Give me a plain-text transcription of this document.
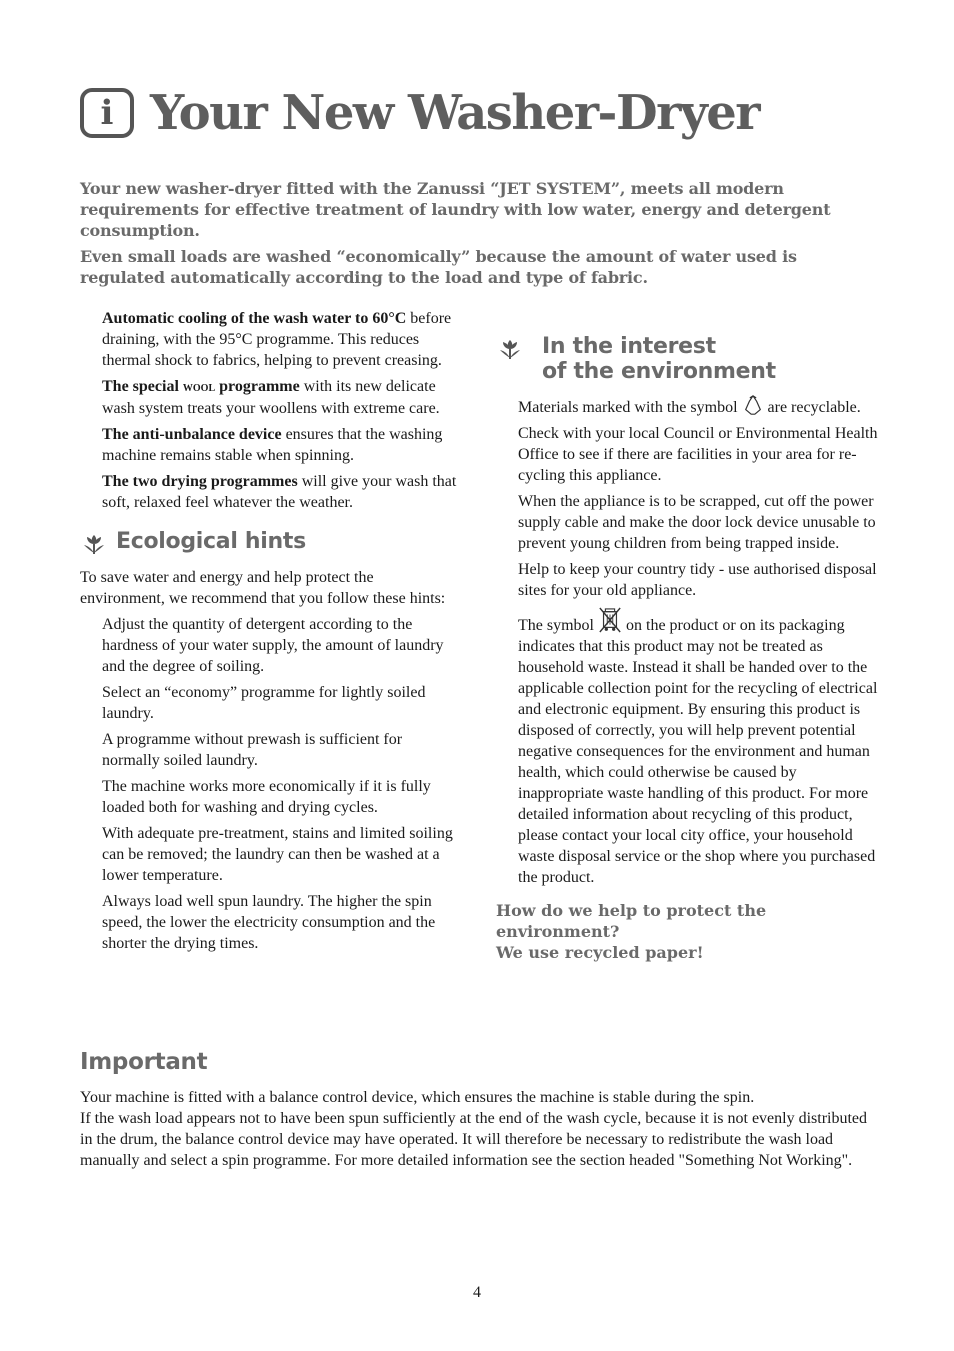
i Your New Washer-Dryer

Your new washer-dryer fitted with the Zanussi “JET SYSTEM”, meets all modern requirements for effective treatment of laundry with low water, energy and detergent consumption.

Even small loads are washed “economically” because the amount of water used is regulated automatically according to the load and type of fabric.

Automatic cooling of the wash water to 60°C before draining, with the 95°C programme. This reduces thermal shock to fabrics, helping to prevent creasing.

The special wool programme with its new delicate wash system treats your woollens with extreme care.

The anti-unbalance device ensures that the washing machine remains stable when spinning.

The two drying programmes will give your wash that soft, relaxed feel whatever the weather.

Ecological hints

To save water and energy and help protect the environment, we recommend that you follow these hints:

Adjust the quantity of detergent according to the hardness of your water supply, the amount of laundry and the degree of soiling.

Select an “economy” programme for lightly soiled laundry.

A programme without prewash is sufficient for normally soiled laundry.

The machine works more economically if it is fully loaded both for washing and drying cycles.

With adequate pre-treatment, stains and limited soiling can be removed; the laundry can then be washed at a lower temperature.

Always load well spun laundry. The higher the spin speed, the lower the electricity consumption and the shorter the drying times.

In the interest
of the environment

Materials marked with the symbol  are recyclable.

Check with your local Council or Environmental Health Office to see if there are facilities in your area for re-cycling this appliance.

When the appliance is to be scrapped, cut off the power supply cable and make the door lock device unusable to prevent young children from being trapped inside.

Help to keep your country tidy - use authorised disposal sites for your old appliance.

The symbol  on the product or on its packaging indicates that this product may not be treated as household waste. Instead it shall be handed over to the applicable collection point for the recycling of electrical and electronic equipment. By ensuring this product is disposed of correctly, you will help prevent potential negative consequences for the environment and human health, which could otherwise be caused by inappropriate waste handling of this product. For more detailed information about recycling of this product, please contact your local city office, your household waste disposal service or the shop where you purchased the product.

How do we help to protect the environment?
We use recycled paper!
Important

Your machine is fitted with a balance control device, which ensures the machine is stable during the spin.

If the wash load appears not to have been spun sufficiently at the end of the wash cycle, because it is not evenly distributed in the drum, the balance control device may have operated. It will therefore be necessary to redistribute the wash load manually and select a spin programme. For more detailed information see the section headed "Something Not Working".

4
